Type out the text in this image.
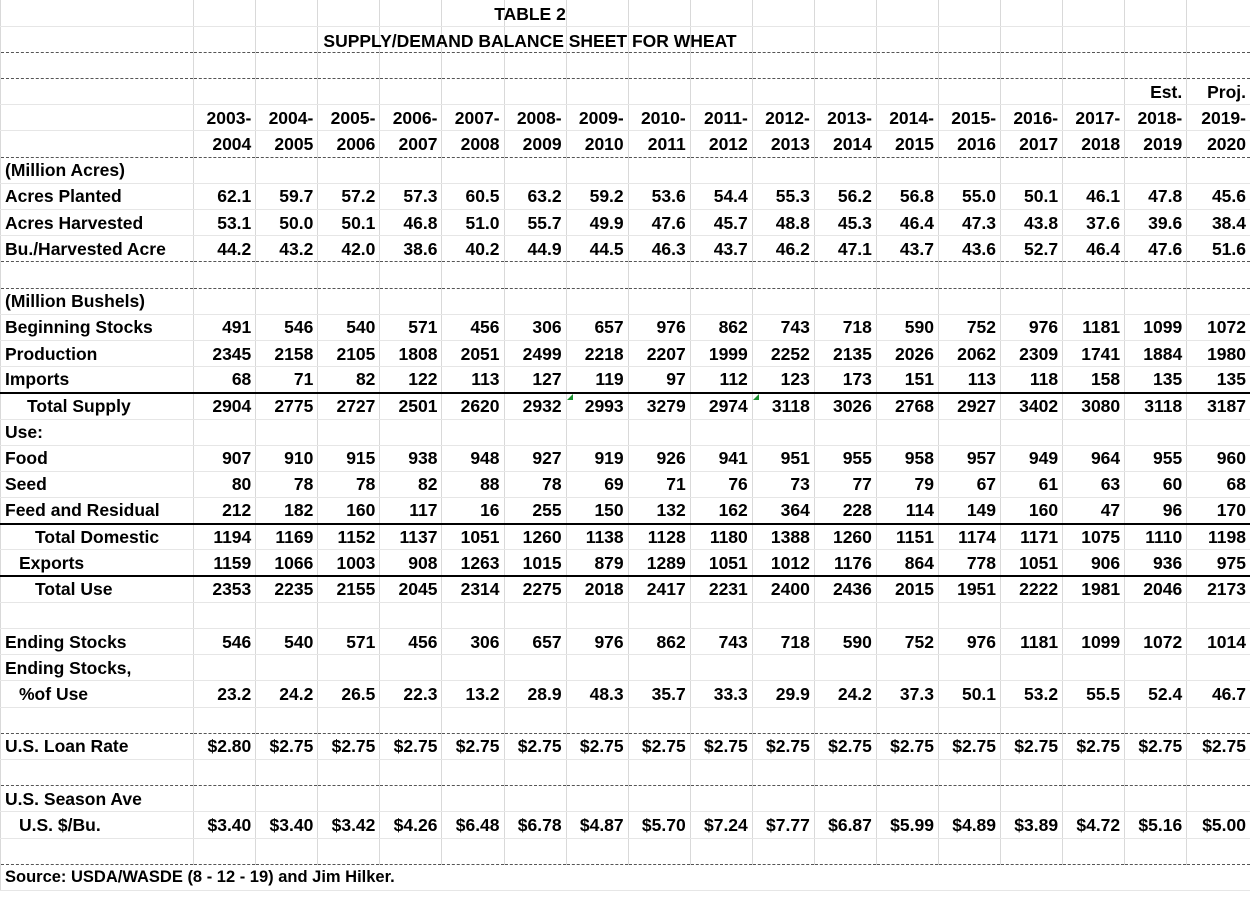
TABLE 2
SUPPLY/DEMAND BALANCE SHEET FOR WHEAT

																Est.	Proj.
	2003-	2004-	2005-	2006-	2007-	2008-	2009-	2010-	2011-	2012-	2013-	2014-	2015-	2016-	2017-	2018-	2019-
	2004	2005	2006	2007	2008	2009	2010	2011	2012	2013	2014	2015	2016	2017	2018	2019	2020
(Million Acres)																	
Acres Planted	62.1	59.7	57.2	57.3	60.5	63.2	59.2	53.6	54.4	55.3	56.2	56.8	55.0	50.1	46.1	47.8	45.6
Acres Harvested	53.1	50.0	50.1	46.8	51.0	55.7	49.9	47.6	45.7	48.8	45.3	46.4	47.3	43.8	37.6	39.6	38.4
Bu./Harvested Acre	44.2	43.2	42.0	38.6	40.2	44.9	44.5	46.3	43.7	46.2	47.1	43.7	43.6	52.7	46.4	47.6	51.6

(Million Bushels)																	
Beginning Stocks	491	546	540	571	456	306	657	976	862	743	718	590	752	976	1181	1099	1072
Production	2345	2158	2105	1808	2051	2499	2218	2207	1999	2252	2135	2026	2062	2309	1741	1884	1980
Imports	68	71	82	122	113	127	119	97	112	123	173	151	113	118	158	135	135
Total Supply	2904	2775	2727	2501	2620	2932	2993	3279	2974	3118	3026	2768	2927	3402	3080	3118	3187
Use:																	
Food	907	910	915	938	948	927	919	926	941	951	955	958	957	949	964	955	960
Seed	80	78	78	82	88	78	69	71	76	73	77	79	67	61	63	60	68
Feed and Residual	212	182	160	117	16	255	150	132	162	364	228	114	149	160	47	96	170
Total Domestic	1194	1169	1152	1137	1051	1260	1138	1128	1180	1388	1260	1151	1174	1171	1075	1110	1198
Exports	1159	1066	1003	908	1263	1015	879	1289	1051	1012	1176	864	778	1051	906	936	975
Total Use	2353	2235	2155	2045	2314	2275	2018	2417	2231	2400	2436	2015	1951	2222	1981	2046	2173

Ending Stocks	546	540	571	456	306	657	976	862	743	718	590	752	976	1181	1099	1072	1014
Ending Stocks,																	
%of Use	23.2	24.2	26.5	22.3	13.2	28.9	48.3	35.7	33.3	29.9	24.2	37.3	50.1	53.2	55.5	52.4	46.7

U.S. Loan Rate	$2.80	$2.75	$2.75	$2.75	$2.75	$2.75	$2.75	$2.75	$2.75	$2.75	$2.75	$2.75	$2.75	$2.75	$2.75	$2.75	$2.75

U.S. Season Ave																	
U.S. $/Bu.	$3.40	$3.40	$3.42	$4.26	$6.48	$6.78	$4.87	$5.70	$7.24	$7.77	$6.87	$5.99	$4.89	$3.89	$4.72	$5.16	$5.00

Source: USDA/WASDE (8 - 12 - 19) and Jim Hilker.																	
